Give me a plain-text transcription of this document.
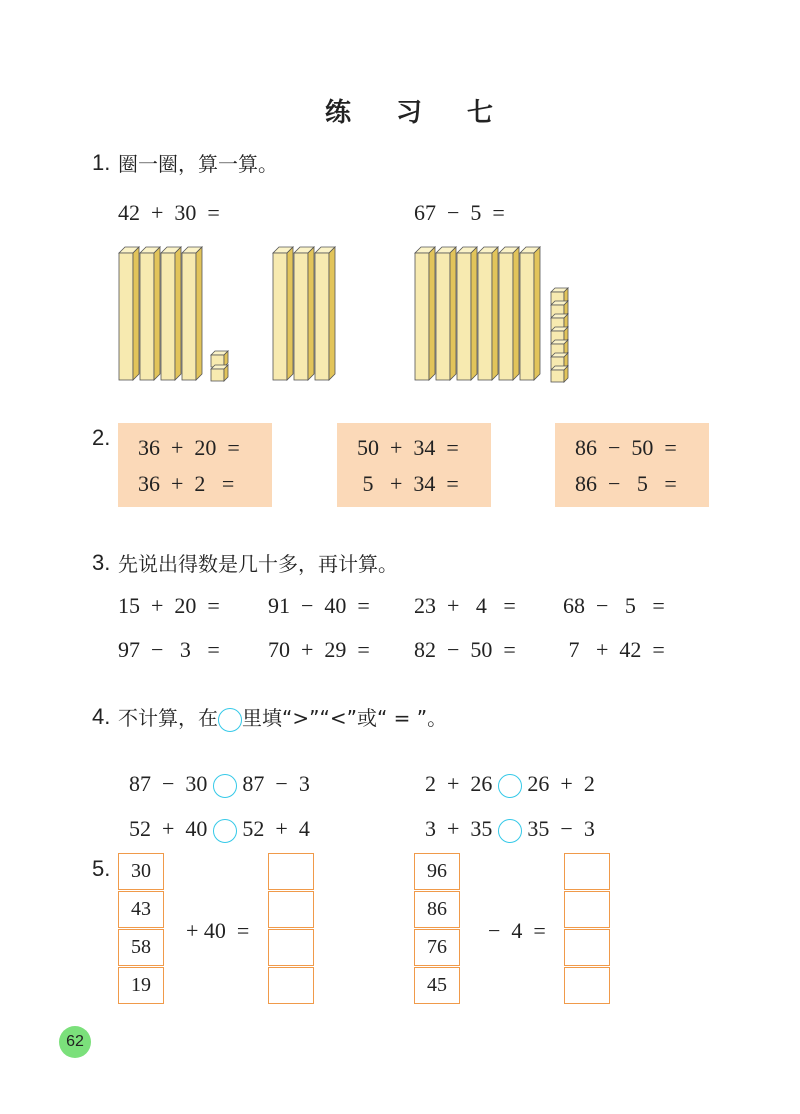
练 习 七
1. 圈一圈，算一算。
42  +  30  =	67  −  5  =
2. 36  +  20  =
36  +  2   =
50  +  34  =
5   +  34  =
86  −  50  =
86  −   5   =
3. 先说出得数是几十多，再计算。
15  +  20  = 91  −  40  = 23  +   4   = 68  −   5   =
97  −   3   = 70  +  29  = 82  −  50  = 7   +  42  =
4. 不计算，在 里填“>”“<”或“ = ”。

87  −  30 87  −  3	2  +  26 26  +  2

52  +  40 52  +  4	3  +  35 35  −  3

5.	30
43
58
19
+ 40  =
96
86
76
45
−  4  =
62
